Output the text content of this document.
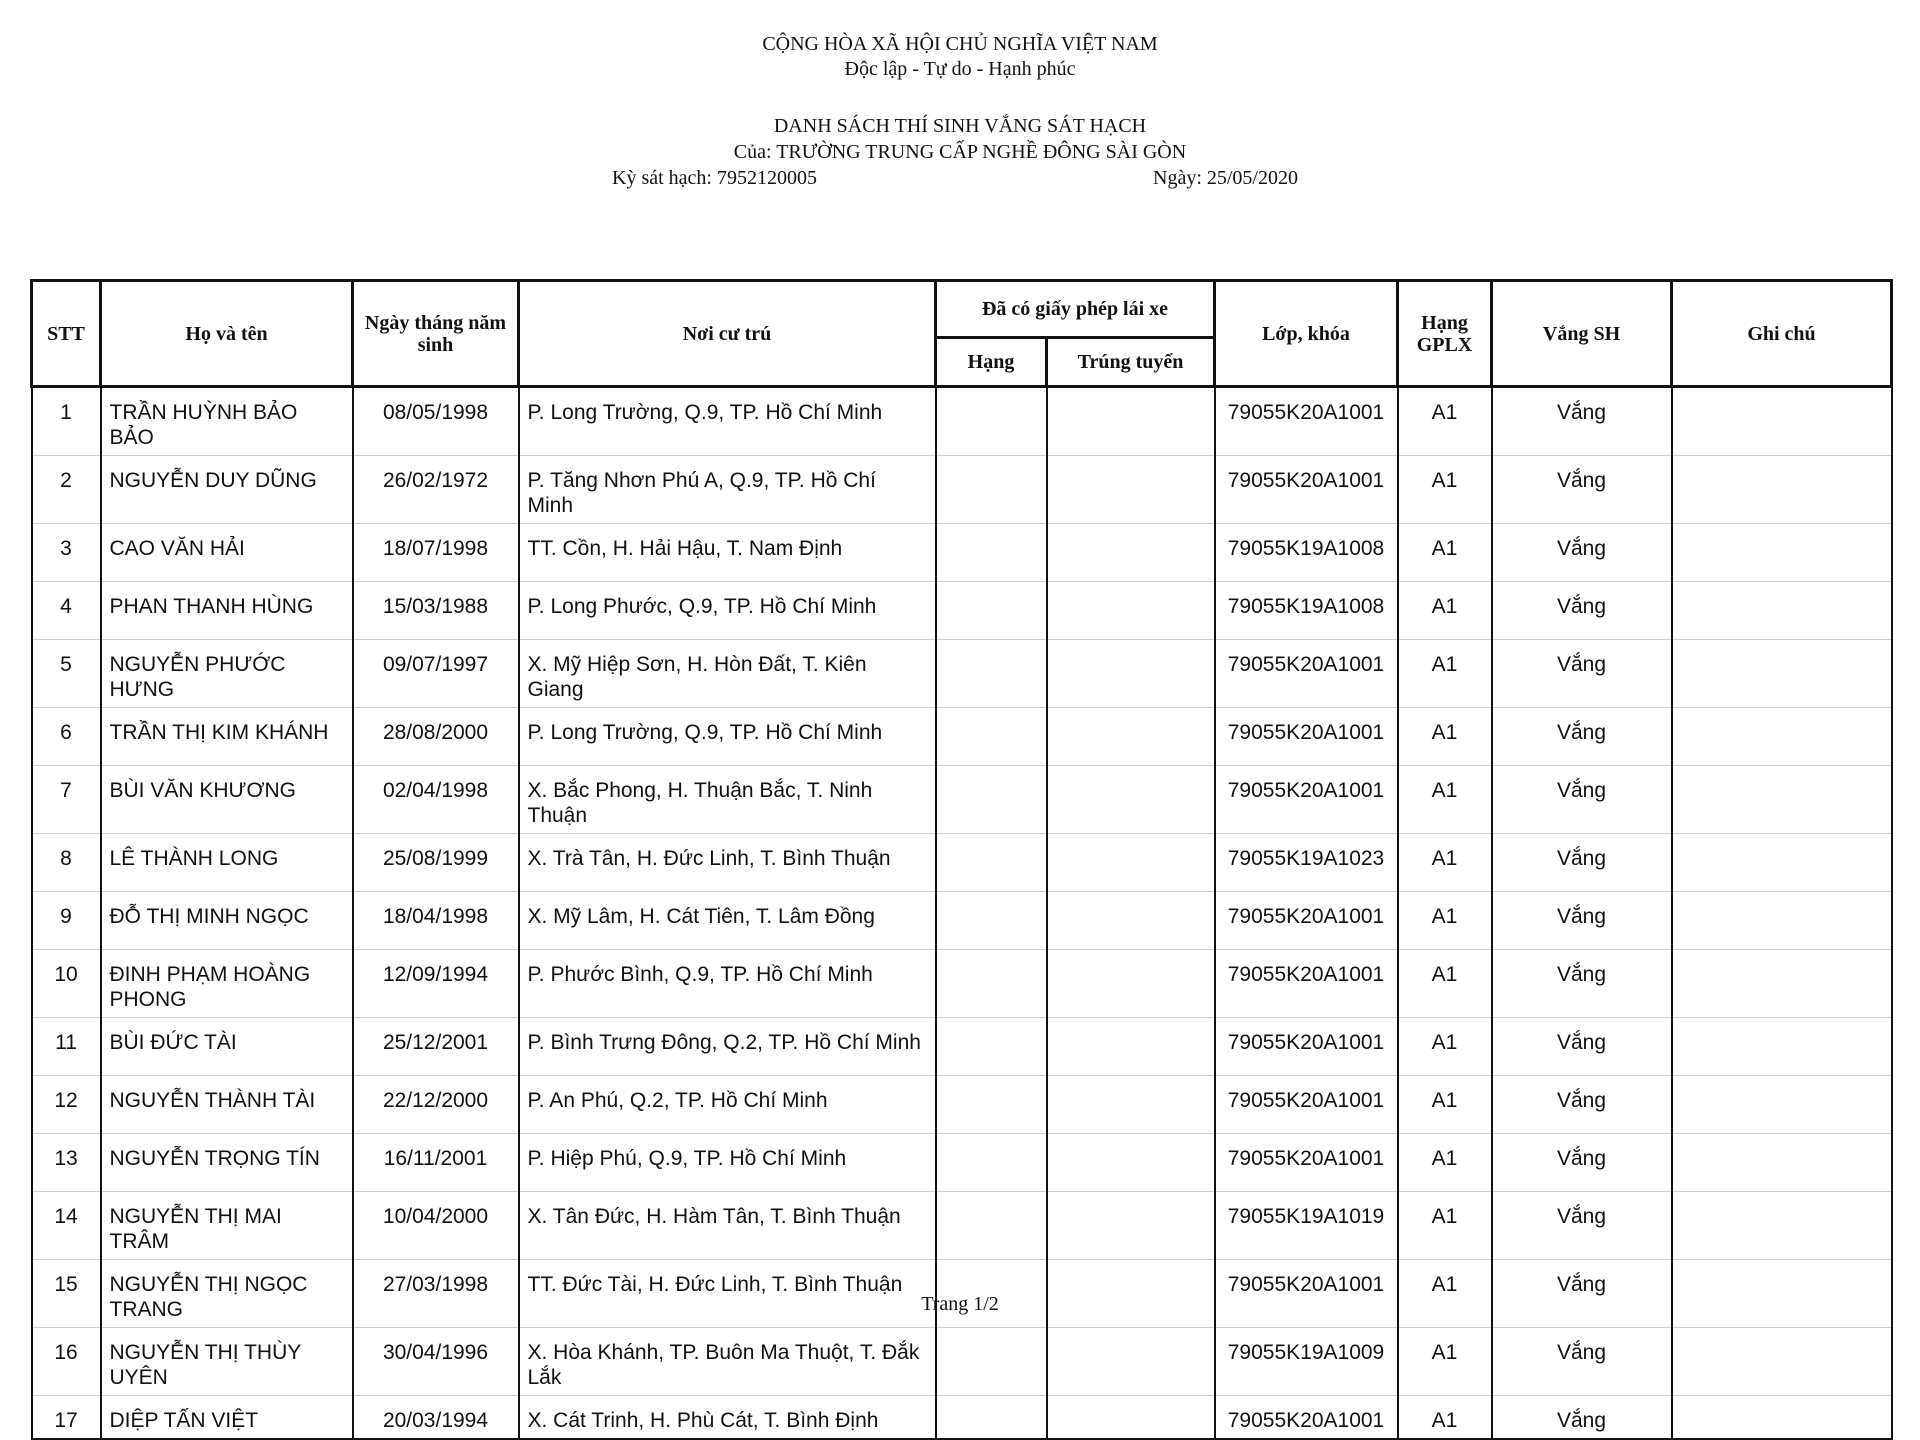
CỘNG HÒA XÃ HỘI CHỦ NGHĨA VIỆT NAM
Độc lập - Tự do - Hạnh phúc
DANH SÁCH THÍ SINH VẮNG SÁT HẠCH
Của: TRƯỜNG TRUNG CẤP NGHỀ ĐÔNG SÀI GÒN
Kỳ sát hạch: 7952120005	Ngày: 25/05/2020
STT	Họ và tên	Ngày tháng năm sinh	Nơi cư trú	Đã có giấy phép lái xe		Lớp, khóa	Hạng GPLX	Vắng SH	Ghi chú
				Hạng	Trúng tuyển				
1	TRẦN HUỲNH BẢO BẢO	08/05/1998	P. Long Trường, Q.9, TP. Hồ Chí Minh			79055K20A1001	A1	Vắng	
2	NGUYỄN DUY DŨNG	26/02/1972	P. Tăng Nhơn Phú A, Q.9, TP. Hồ Chí Minh			79055K20A1001	A1	Vắng	
3	CAO VĂN HẢI	18/07/1998	TT. Cồn, H. Hải Hậu, T. Nam Định			79055K19A1008	A1	Vắng	
4	PHAN THANH HÙNG	15/03/1988	P. Long Phước, Q.9, TP. Hồ Chí Minh			79055K19A1008	A1	Vắng	
5	NGUYỄN PHƯỚC HƯNG	09/07/1997	X. Mỹ Hiệp Sơn, H. Hòn Đất, T. Kiên Giang			79055K20A1001	A1	Vắng	
6	TRẦN THỊ KIM KHÁNH	28/08/2000	P. Long Trường, Q.9, TP. Hồ Chí Minh			79055K20A1001	A1	Vắng	
7	BÙI VĂN KHƯƠNG	02/04/1998	X. Bắc Phong, H. Thuận Bắc, T. Ninh Thuận			79055K20A1001	A1	Vắng	
8	LÊ THÀNH LONG	25/08/1999	X. Trà Tân, H. Đức Linh, T. Bình Thuận			79055K19A1023	A1	Vắng	
9	ĐỖ THỊ MINH NGỌC	18/04/1998	X. Mỹ Lâm, H. Cát Tiên, T. Lâm Đồng			79055K20A1001	A1	Vắng	
10	ĐINH PHẠM HOÀNG PHONG	12/09/1994	P. Phước Bình, Q.9, TP. Hồ Chí Minh			79055K20A1001	A1	Vắng	
11	BÙI ĐỨC TÀI	25/12/2001	P. Bình Trưng Đông, Q.2, TP. Hồ Chí Minh			79055K20A1001	A1	Vắng	
12	NGUYỄN THÀNH TÀI	22/12/2000	P. An Phú, Q.2, TP. Hồ Chí Minh			79055K20A1001	A1	Vắng	
13	NGUYỄN TRỌNG TÍN	16/11/2001	P. Hiệp Phú, Q.9, TP. Hồ Chí Minh			79055K20A1001	A1	Vắng	
14	NGUYỄN THỊ MAI TRÂM	10/04/2000	X. Tân Đức, H. Hàm Tân, T. Bình Thuận			79055K19A1019	A1	Vắng	
15	NGUYỄN THỊ NGỌC TRANG	27/03/1998	TT. Đức Tài, H. Đức Linh, T. Bình Thuận			79055K20A1001	A1	Vắng	
16	NGUYỄN THỊ THÙY UYÊN	30/04/1996	X. Hòa Khánh, TP. Buôn Ma Thuột, T. Đắk Lắk			79055K19A1009	A1	Vắng	
17	DIỆP TẤN VIỆT	20/03/1994	X. Cát Trinh, H. Phù Cát, T. Bình Định			79055K20A1001	A1	Vắng	
Trang 1/2
